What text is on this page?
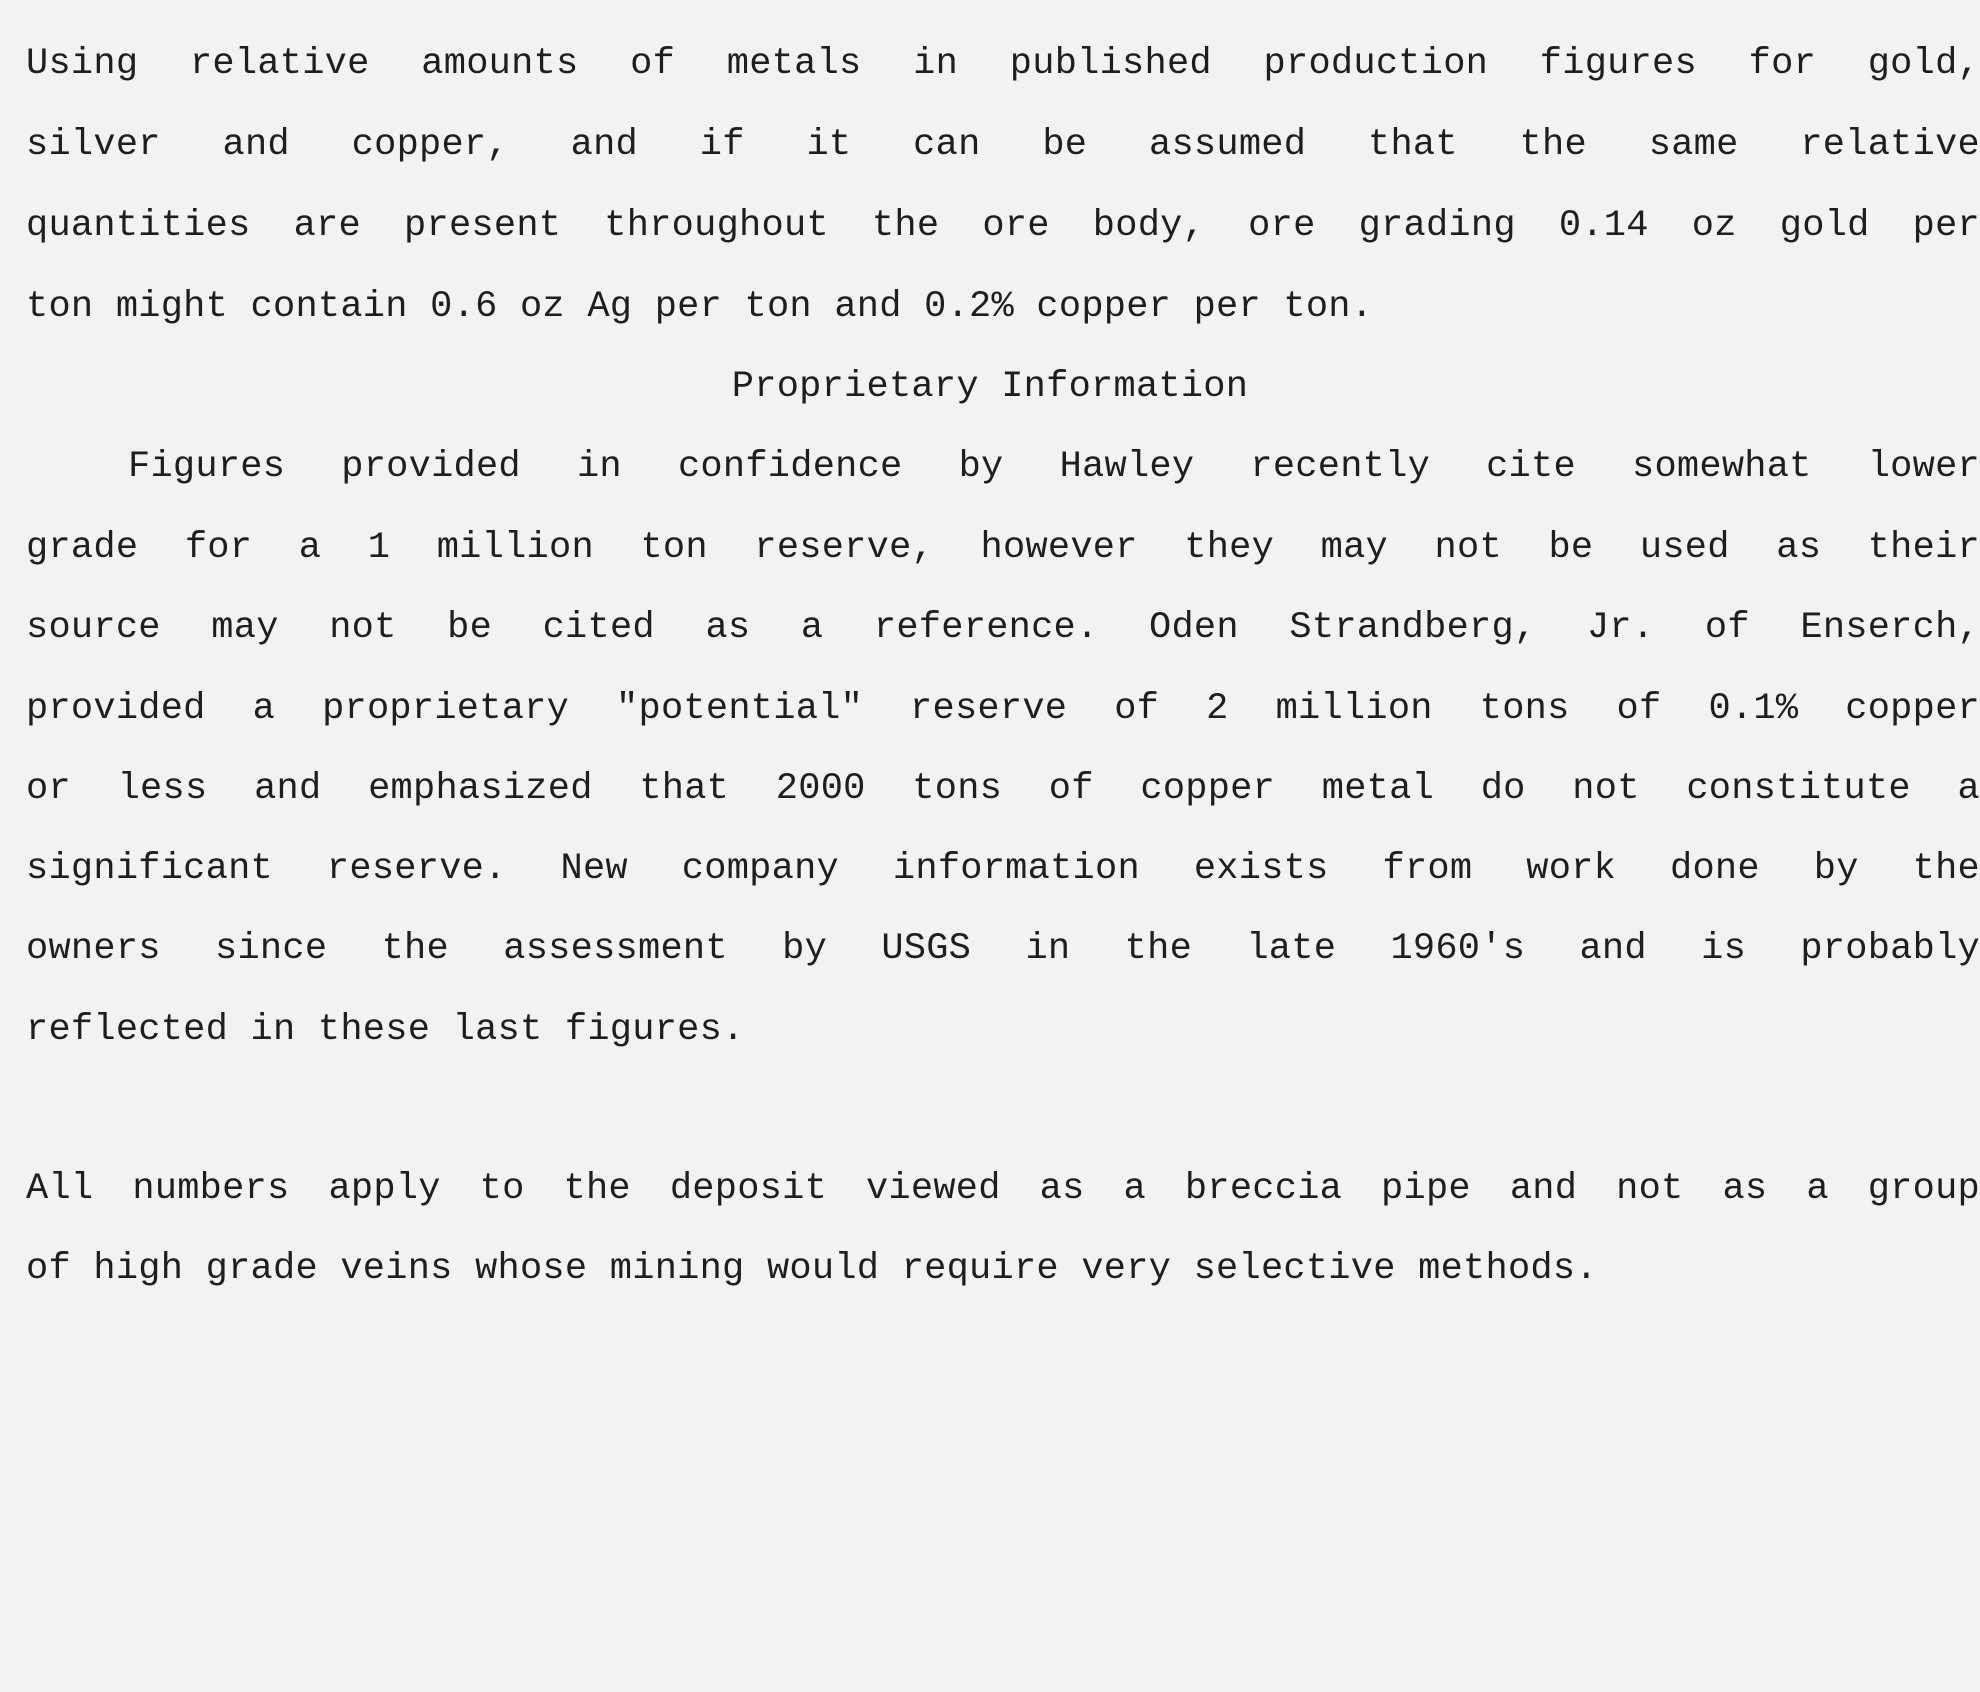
Using relative amounts of metals in published production figures for gold,

silver and copper, and if it can be assumed that the same relative

quantities are present throughout the ore body, ore grading 0.14 oz gold per

ton might contain 0.6 oz Ag per ton and 0.2% copper per ton.

Proprietary Information

Figures provided in confidence by Hawley recently cite somewhat lower

grade for a 1 million ton reserve, however they may not be used as their

source may not be cited as a reference. Oden Strandberg, Jr. of Enserch,

provided a proprietary "potential" reserve of 2 million tons of 0.1% copper

or less and emphasized that 2000 tons of copper metal do not constitute a

significant reserve. New company information exists from work done by the

owners since the assessment by USGS in the late 1960's and is probably

reflected in these last figures.

All numbers apply to the deposit viewed as a breccia pipe and not as a group

of high grade veins whose mining would require very selective methods.
